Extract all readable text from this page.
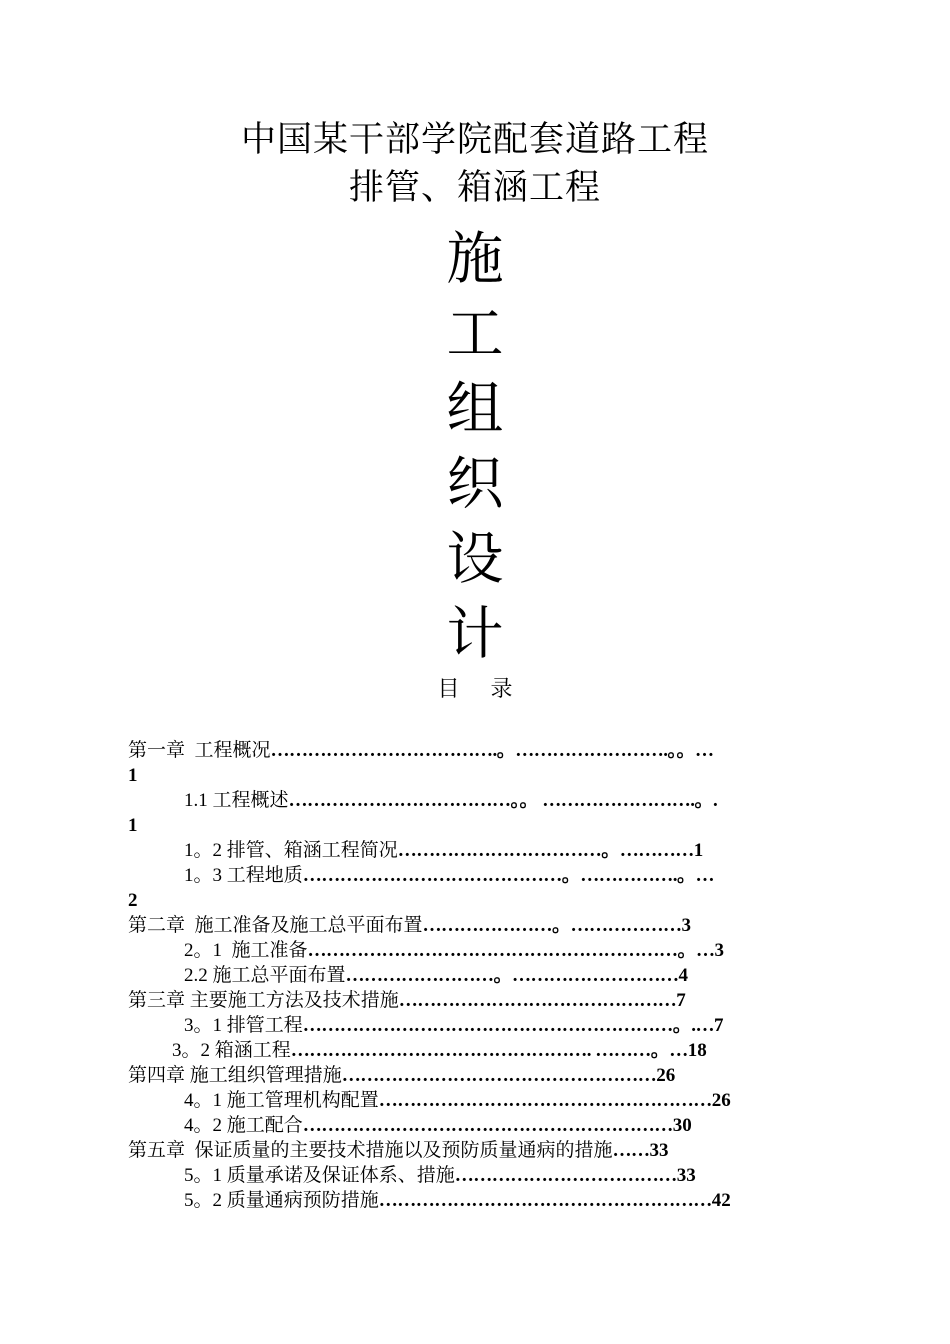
中国某干部学院配套道路工程
排管、箱涵工程
施
工
组
织
设
计
目 录
第一章  工程概况……………………………….。…………………….。。…
1
1.1 工程概述………………………………。。 …………………….。.
1
1。2 排管、箱涵工程简况……………………………。…………1
1。3 工程地质……………………………………。…………….。…
2
第二章  施工准备及施工总平面布置…………………。………………3
2。1  施工准备……………………………………………………。…3
2.2 施工总平面布置……………………。………………………4
第三章 主要施工方法及技术措施………………………………………7
3。1 排管工程……………………………………………………。.…7
3。2 箱涵工程…………………………………………. ………。…18
第四章 施工组织管理措施……………………………………………26
4。1 施工管理机构配置………………………………………………26
4。2 施工配合……………………………………………………30
第五章  保证质量的主要技术措施以及预防质量通病的措施……33
5。1 质量承诺及保证体系、措施………………………………33
5。2 质量通病预防措施………………………………………………42
